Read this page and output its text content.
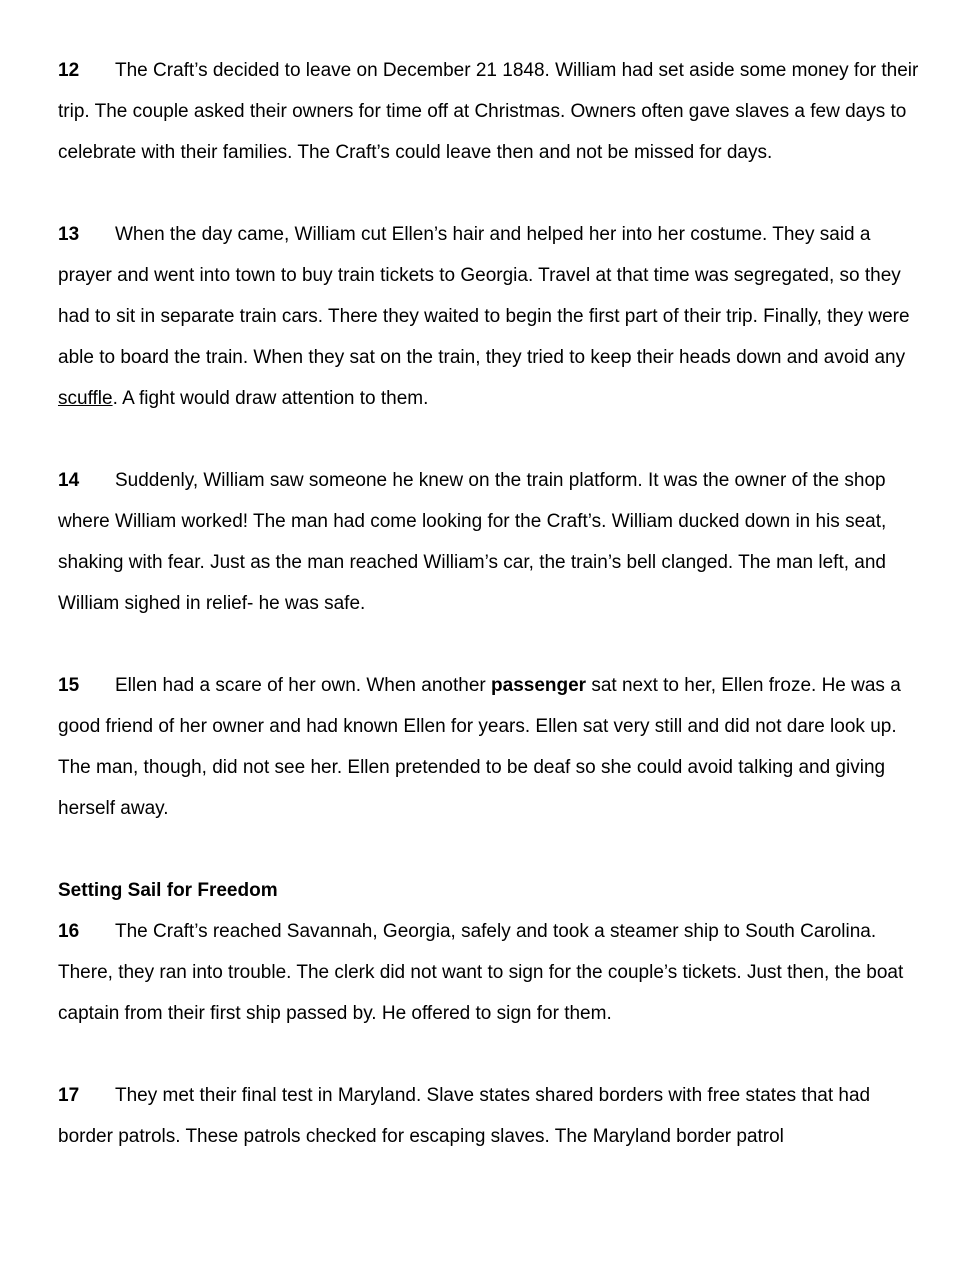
12 The Craft’s decided to leave on December 21 1848. William had set aside some money for their trip. The couple asked their owners for time off at Christmas. Owners often gave slaves a few days to celebrate with their families. The Craft’s could leave then and not be missed for days.

13 When the day came, William cut Ellen’s hair and helped her into her costume. They said a prayer and went into town to buy train tickets to Georgia. Travel at that time was segregated, so they had to sit in separate train cars. There they waited to begin the first part of their trip. Finally, they were able to board the train. When they sat on the train, they tried to keep their heads down and avoid any scuffle. A fight would draw attention to them.

14 Suddenly, William saw someone he knew on the train platform. It was the owner of the shop where William worked! The man had come looking for the Craft’s. William ducked down in his seat, shaking with fear. Just as the man reached William’s car, the train’s bell clanged. The man left, and William sighed in relief- he was safe.

15 Ellen had a scare of her own. When another passenger sat next to her, Ellen froze. He was a good friend of her owner and had known Ellen for years. Ellen sat very still and did not dare look up. The man, though, did not see her. Ellen pretended to be deaf so she could avoid talking and giving herself away.

Setting Sail for Freedom

16 The Craft’s reached Savannah, Georgia, safely and took a steamer ship to South Carolina. There, they ran into trouble. The clerk did not want to sign for the couple’s tickets. Just then, the boat captain from their first ship passed by. He offered to sign for them.

17 They met their final test in Maryland. Slave states shared borders with free states that had border patrols. These patrols checked for escaping slaves. The Maryland border patrol
